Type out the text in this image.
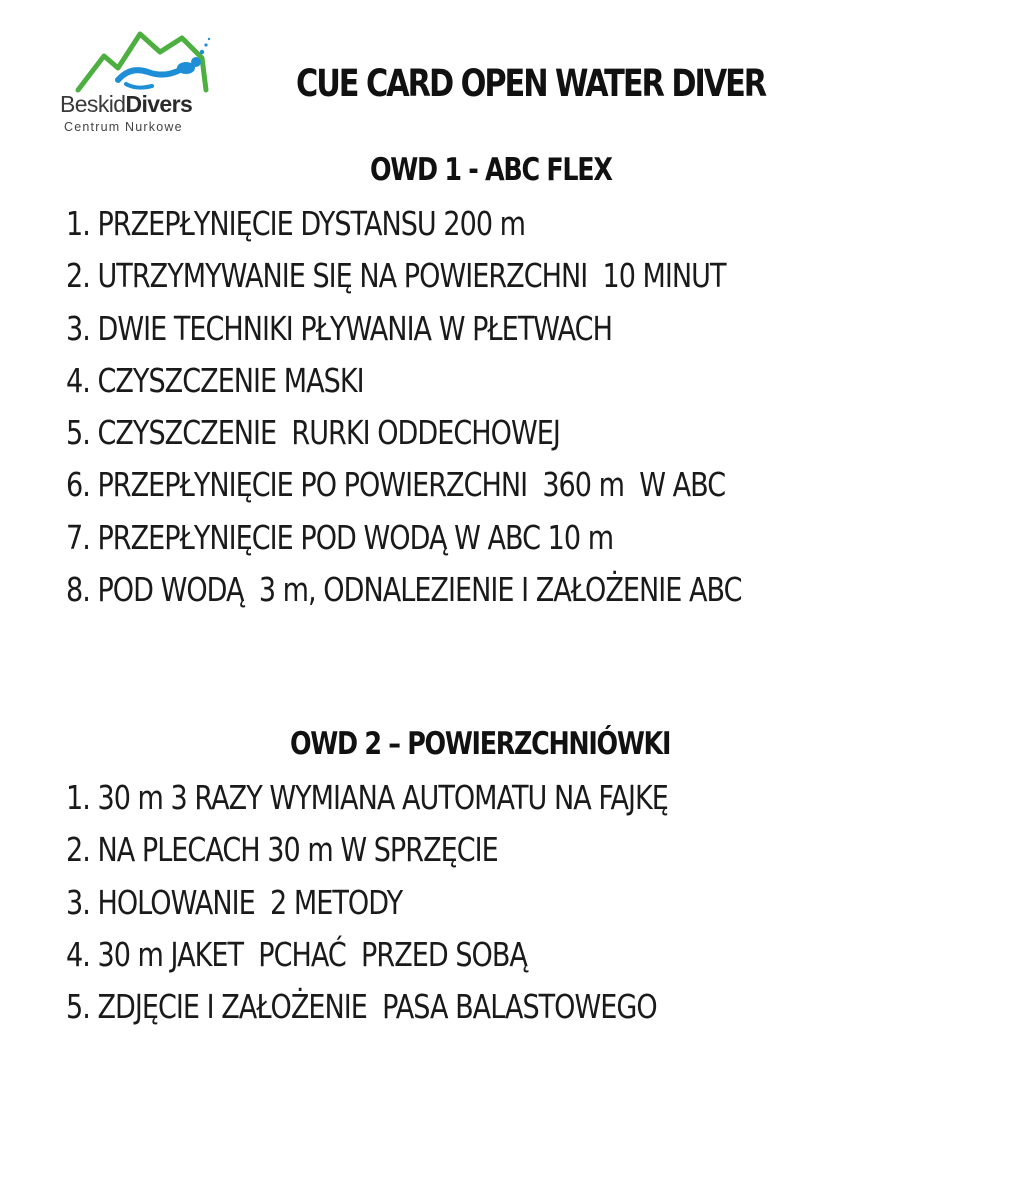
BeskidDivers
Centrum Nurkowe
CUE CARD OPEN WATER DIVER
OWD 1 - ABC FLEX
1. PRZEPŁYNIĘCIE DYSTANSU 200 m
2. UTRZYMYWANIE SIĘ NA POWIERZCHNI  10 MINUT
3. DWIE TECHNIKI PŁYWANIA W PŁETWACH
4. CZYSZCZENIE MASKI
5. CZYSZCZENIE  RURKI ODDECHOWEJ
6. PRZEPŁYNIĘCIE PO POWIERZCHNI  360 m  W ABC
7. PRZEPŁYNIĘCIE POD WODĄ W ABC 10 m
8. POD WODĄ  3 m, ODNALEZIENIE I ZAŁOŻENIE ABC
OWD 2 – POWIERZCHNIÓWKI
1. 30 m 3 RAZY WYMIANA AUTOMATU NA FAJKĘ
2. NA PLECACH 30 m W SPRZĘCIE
3. HOLOWANIE  2 METODY
4. 30 m JAKET  PCHAĆ  PRZED SOBĄ
5. ZDJĘCIE I ZAŁOŻENIE  PASA BALASTOWEGO
